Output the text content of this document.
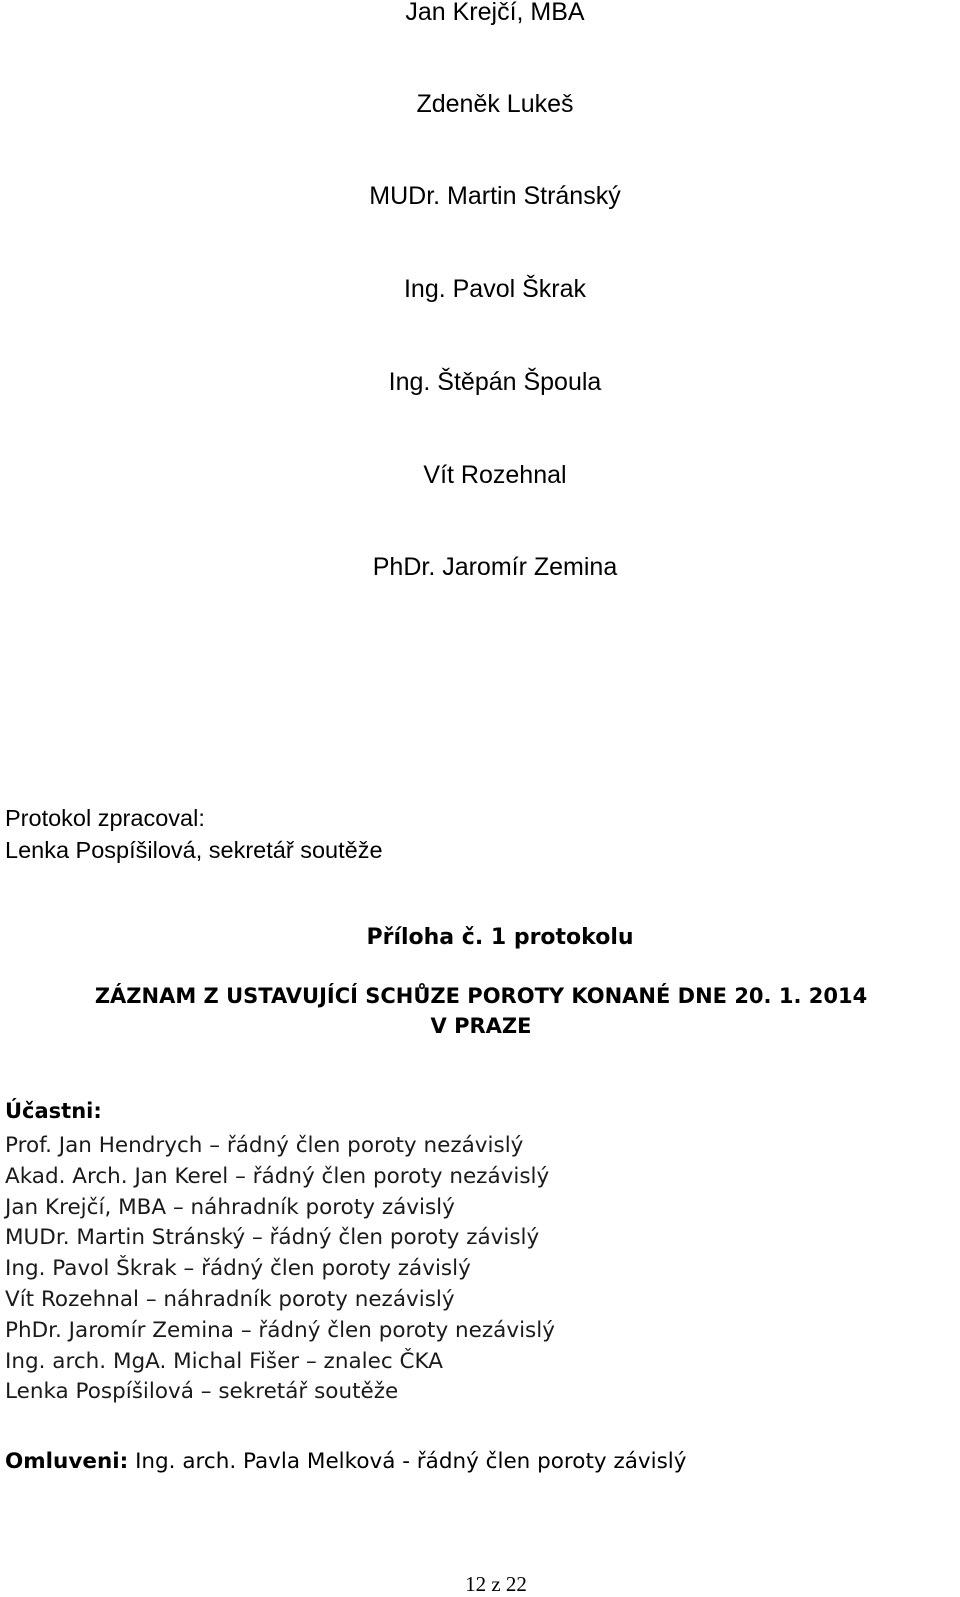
Jan Krejčí, MBA
Zdeněk Lukeš
MUDr. Martin Stránský
Ing. Pavol Škrak
Ing. Štěpán Špoula
Vít Rozehnal
PhDr. Jaromír Zemina
Protokol zpracoval:
Lenka Pospíšilová, sekretář soutěže
Příloha č. 1 protokolu
ZÁZNAM Z USTAVUJÍCÍ SCHŮZE POROTY KONANÉ DNE 20. 1. 2014
V PRAZE
Účastni:
Prof. Jan Hendrych – řádný člen poroty nezávislý
Akad. Arch. Jan Kerel – řádný člen poroty nezávislý
Jan Krejčí, MBA – náhradník poroty závislý
MUDr. Martin Stránský – řádný člen poroty závislý
Ing. Pavol Škrak – řádný člen poroty závislý
Vít Rozehnal – náhradník poroty nezávislý
PhDr. Jaromír Zemina – řádný člen poroty nezávislý
Ing. arch. MgA. Michal Fišer – znalec ČKA
Lenka Pospíšilová – sekretář soutěže
Omluveni: Ing. arch. Pavla Melková - řádný člen poroty závislý
12 z 22
